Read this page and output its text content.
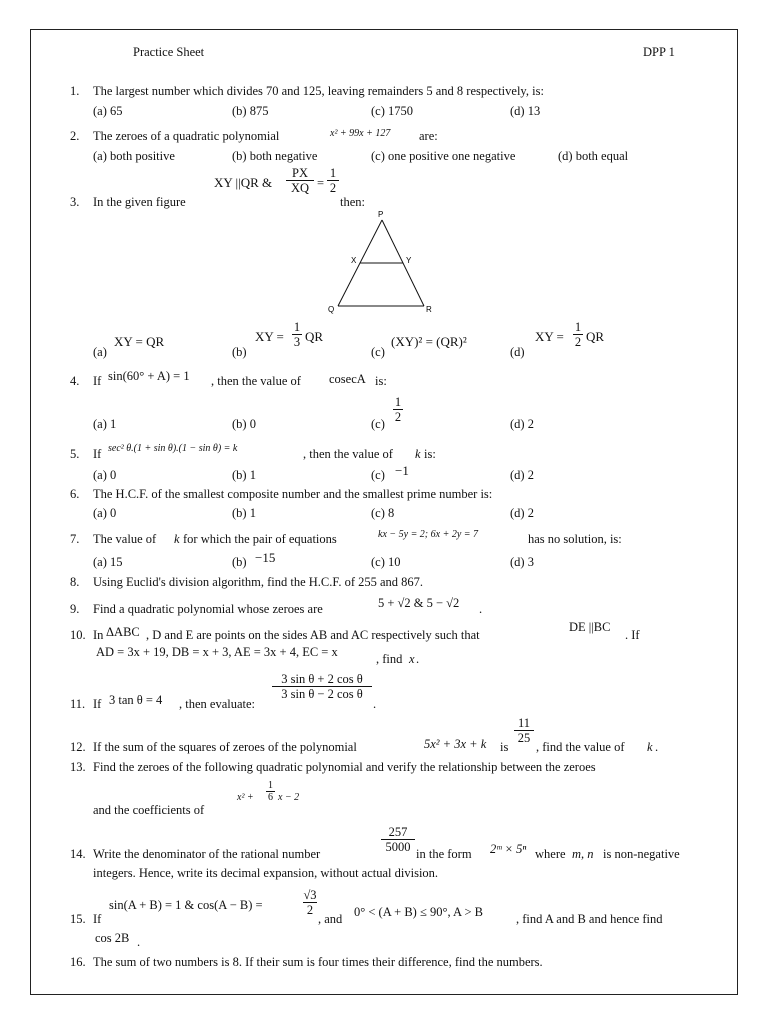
Practice Sheet	DPP 1
1. The largest number which divides 70 and 125, leaving remainders 5 and 8 respectively, is:
(a) 65	(b) 875	(c) 1750	(d) 13
2. The zeroes of a quadratic polynomial	x² + 99x + 127 are:
(a) both positive	(b) both negative	(c) one positive one negative	(d) both equal
3. In the given figure
XY ||QR &
PX
XQ =
1
2
then:
P
X	Y
Q	R
(a)
XY = QR
(b)
XY =
1
3 QR
(c)
(XY)² = (QR)²
(d)
XY =
1
2 QR
4. If sin(60° + A) = 1 , then the value of cosecA is:
(a) 1	(b) 0	(c)
1
2	(d) 2
5. If sec² θ.(1 + sin θ).(1 − sin θ) = k	, then the value of k is:
(a) 0	(b) 1	(c) −1	(d) 2
6. The H.C.F. of the smallest composite number and the smallest prime number is:
(a) 0	(b) 1	(c) 8	(d) 2
7. The value of k for which the pair of equations	kx − 5y = 2; 6x + 2y = 7	has no solution, is:
(a) 15	(b) −15	(c) 10	(d) 3
8. Using Euclid's division algorithm, find the H.C.F. of 255 and 867.
9. Find a quadratic polynomial whose zeroes are	5 + √2 & 5 − √2 .
10. In ΔABC , D and E are points on the sides AB and AC respectively such that
DE ||BC
. If
AD = 3x + 19, DB = x + 3, AE = 3x + 4, EC = x	, find x .
11. If 3 tan θ = 4 , then evaluate:
3 sin θ + 2 cos θ
3 sin θ − 2 cos θ
.
12. If the sum of the squares of zeroes of the polynomial	5x² + 3x + k is
11
25
, find the value of k .
13. Find the zeroes of the following quadratic polynomial and verify the relationship between the zeroes
and the coefficients of
x² +
1
6 x − 2
14. Write the denominator of the rational number
257
5000 in the form 2ᵐ × 5ⁿ where m, n is non-negative
integers. Hence, write its decimal expansion, without actual division.
15. If
sin(A + B) = 1 & cos(A − B) =
√3
2
, and 0° < (A + B) ≤ 90°, A > B	, find A and B and hence find
cos 2B .
16. The sum of two numbers is 8. If their sum is four times their difference, find the numbers.
